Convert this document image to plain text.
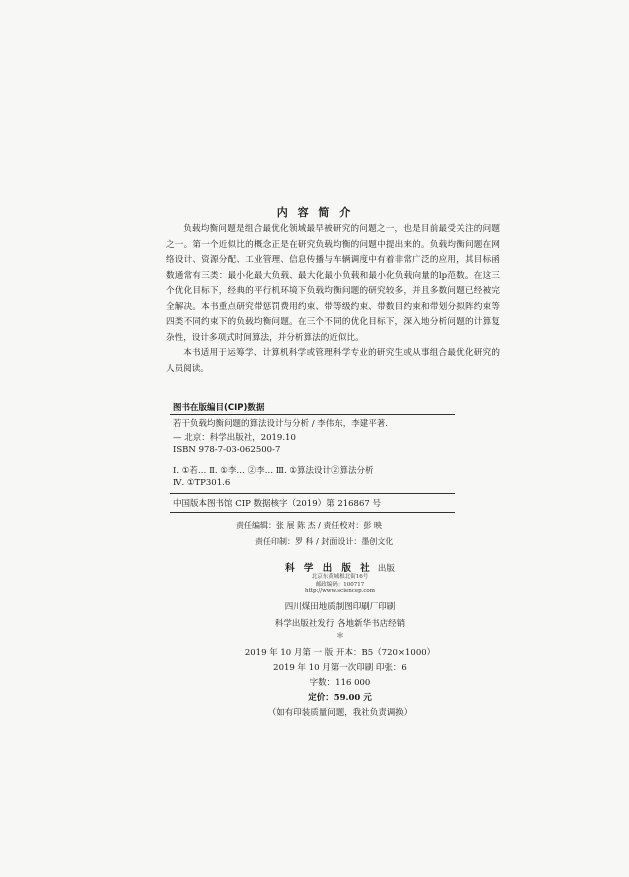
内 容 简 介

负载均衡问题是组合最优化领域最早被研究的问题之一，也是目前最受关注的问题之一。第一个近似比的概念正是在研究负载均衡的问题中提出来的。负载均衡问题在网络设计、资源分配、工业管理、信息传播与车辆调度中有着非常广泛的应用，其目标函数通常有三类：最小化最大负载、最大化最小负载和最小化负载向量的lp范数。在这三个优化目标下，经典的平行机环境下负载均衡问题的研究较多，并且多数问题已经被完全解决。本书重点研究带惩罚费用约束、带等级约束、带数目约束和带划分拟阵约束等四类不同约束下的负载均衡问题。在三个不同的优化目标下，深入地分析问题的计算复杂性，设计多项式时间算法，并分析算法的近似比。

本书适用于运筹学、计算机科学或管理科学专业的研究生或从事组合最优化研究的人员阅读。

图书在版编目(CIP)数据
若干负载均衡问题的算法设计与分析 / 李伟东，李建平著.
— 北京：科学出版社，2019.10
ISBN 978-7-03-062500-7
Ⅰ. ①若… Ⅱ. ①李… ②李… Ⅲ. ①算法设计②算法分析
Ⅳ. ①TP301.6
中国版本图书馆 CIP 数据核字（2019）第 216867 号
责任编辑：张 展 陈 杰 / 责任校对：彭 映
责任印制：罗 科 / 封面设计：墨创文化
科 学 出 版 社 出版
北京东黄城根北街16号
邮政编码：100717
http://www.sciencep.com
四川煤田地质制图印刷厂印刷
科学出版社发行 各地新华书店经销
＊
2019 年 10 月第 一 版 开本：B5（720×1000）
2019 年 10 月第一次印刷 印张：6
字数：116 000
定价：59.00 元
（如有印装质量问题，我社负责调换）
